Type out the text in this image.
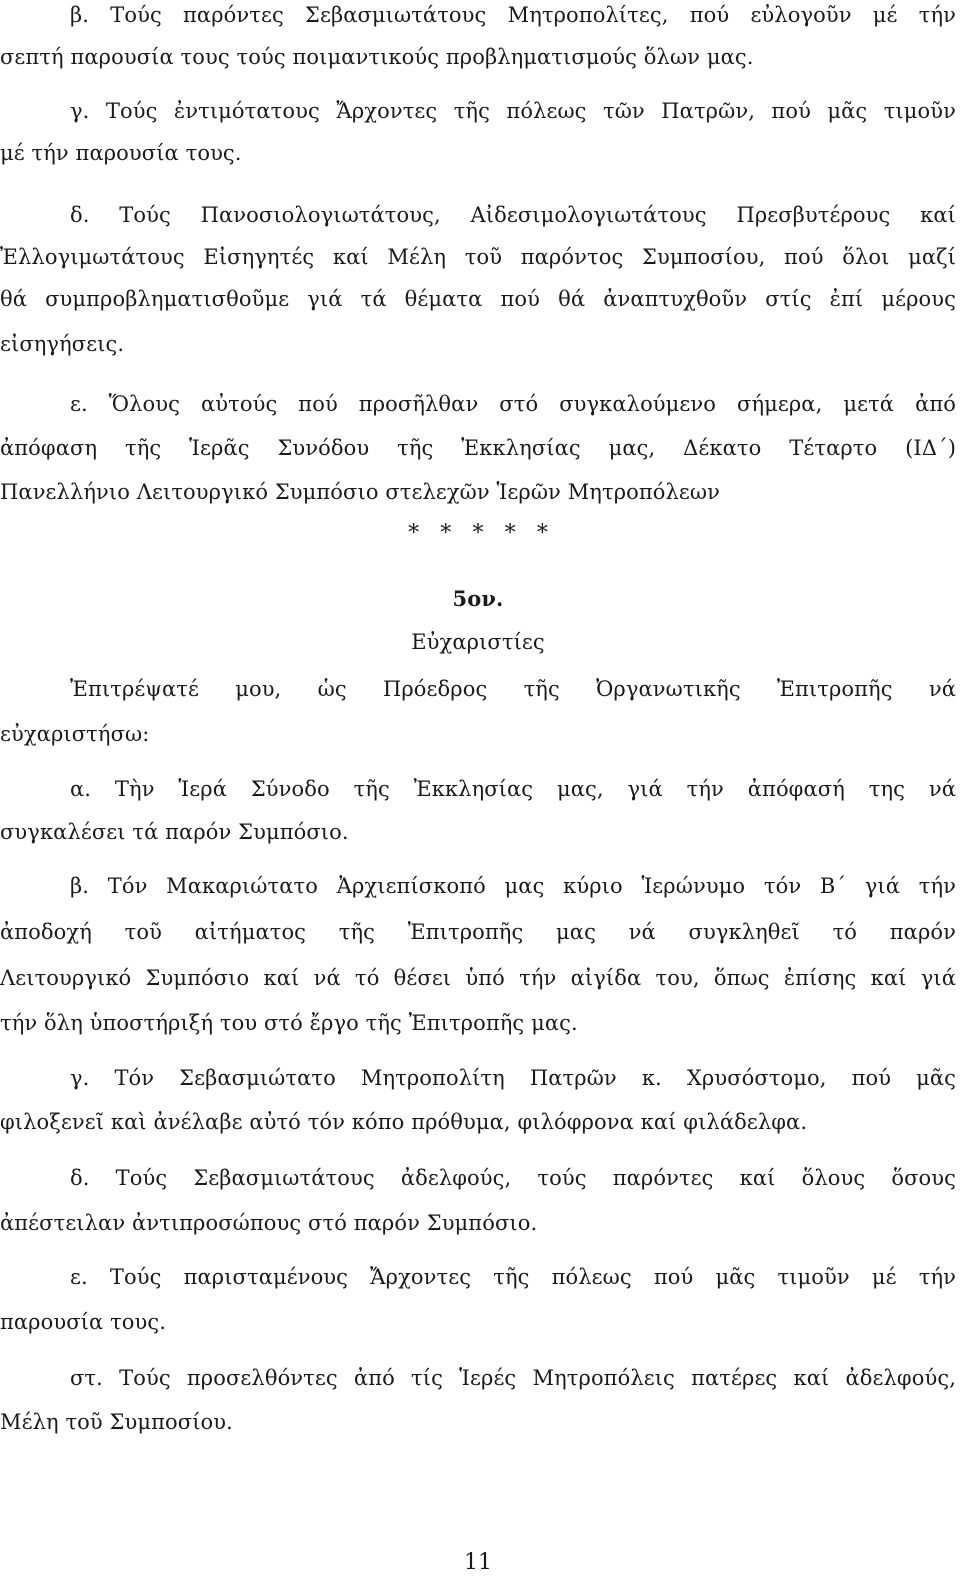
β. Τούς παρόντες Σεβασμιωτάτους Μητροπολίτες, πού εὐλογοῦν μέ τήν
σεπτή παρουσία τους τούς ποιμαντικούς προβληματισμούς ὅλων μας.
γ. Τούς ἐντιμότατους Ἄρχοντες τῆς πόλεως τῶν Πατρῶν, πού μᾶς τιμοῦν
μέ τήν παρουσία τους.
δ. Τούς Πανοσιολογιωτάτους, Αἰδεσιμολογιωτάτους Πρεσβυτέρους καί
Ἐλλογιμωτάτους Εἰσηγητές καί Μέλη τοῦ παρόντος Συμποσίου, πού ὅλοι μαζί
θά συμπροβληματισθοῦμε γιά τά θέματα πού θά ἀναπτυχθοῦν στίς ἐπί μέρους
εἰσηγήσεις.
ε. Ὅλους αὐτούς πού προσῆλθαν στό συγκαλούμενο σήμερα, μετά ἀπό
ἀπόφαση τῆς Ἱερᾶς Συνόδου τῆς Ἐκκλησίας μας, Δέκατο Τέταρτο (ΙΔ΄)
Πανελλήνιο Λειτουργικό Συμπόσιο στελεχῶν Ἱερῶν Μητροπόλεων
* * * * *
5ον.
Εὐχαριστίες
Ἐπιτρέψατέ μου, ὡς Πρόεδρος τῆς Ὀργανωτικῆς Ἐπιτροπῆς νά
εὐχαριστήσω:
α. Τὴν Ἱερά Σύνοδο τῆς Ἐκκλησίας μας, γιά τήν ἀπόφασή της νά
συγκαλέσει τά παρόν Συμπόσιο.
β. Τόν Μακαριώτατο Ἀρχιεπίσκοπό μας κύριο Ἱερώνυμο τόν Β΄ γιά τήν
ἀποδοχή τοῦ αἰτήματος τῆς Ἐπιτροπῆς μας νά συγκληθεῖ τό παρόν
Λειτουργικό Συμπόσιο καί νά τό θέσει ὑπό τήν αἰγίδα του, ὅπως ἐπίσης καί γιά
τήν ὅλη ὑποστήριξή του στό ἔργο τῆς Ἐπιτροπῆς μας.
γ. Τόν Σεβασμιώτατο Μητροπολίτη Πατρῶν κ. Χρυσόστομο, πού μᾶς
φιλοξενεῖ καὶ ἀνέλαβε αὐτό τόν κόπο πρόθυμα, φιλόφρονα καί φιλάδελφα.
δ. Τούς Σεβασμιωτάτους ἀδελφούς, τούς παρόντες καί ὅλους ὅσους
ἀπέστειλαν ἀντιπροσώπους στό παρόν Συμπόσιο.
ε. Τούς παρισταμένους Ἄρχοντες τῆς πόλεως πού μᾶς τιμοῦν μέ τήν
παρουσία τους.
στ. Τούς προσελθόντες ἀπό τίς Ἱερές Μητροπόλεις πατέρες καί ἀδελφούς,
Μέλη τοῦ Συμποσίου.
11
